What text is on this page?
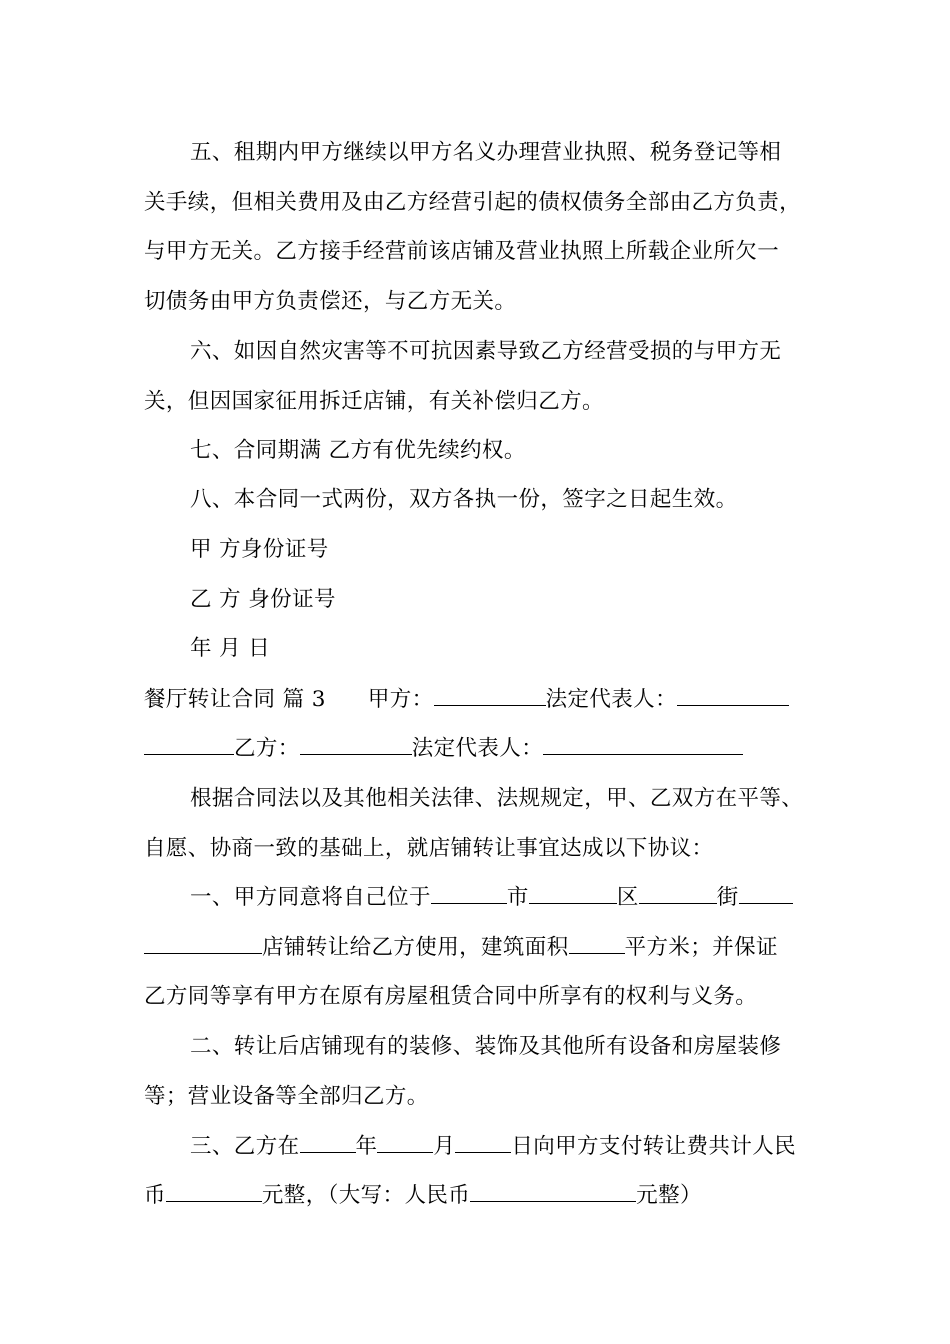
五、租期内甲方继续以甲方名义办理营业执照、税务登记等相
关手续，但相关费用及由乙方经营引起的债权债务全部由乙方负责，
与甲方无关。乙方接手经营前该店铺及营业执照上所载企业所欠一
切债务由甲方负责偿还，与乙方无关。
六、如因自然灾害等不可抗因素导致乙方经营受损的与甲方无
关，但因国家征用拆迁店铺，有关补偿归乙方。
七、合同期满 乙方有优先续约权。
八、本合同一式两份，双方各执一份，签字之日起生效。
甲 方身份证号
乙 方 身份证号
年 月 日
餐厅转让合同 篇 3 甲方：	法定代表人：
乙方：	法定代表人：
根据合同法以及其他相关法律、法规规定，甲、乙双方在平等、
自愿、协商一致的基础上，就店铺转让事宜达成以下协议：
一、甲方同意将自己位于	市	区	街
店铺转让给乙方使用，建筑面积	平方米；并保证
乙方同等享有甲方在原有房屋租赁合同中所享有的权利与义务。
二、转让后店铺现有的装修、装饰及其他所有设备和房屋装修
等；营业设备等全部归乙方。
三、乙方在	年	月	日向甲方支付转让费共计人民
币	元整，（大写：人民币	元整）
